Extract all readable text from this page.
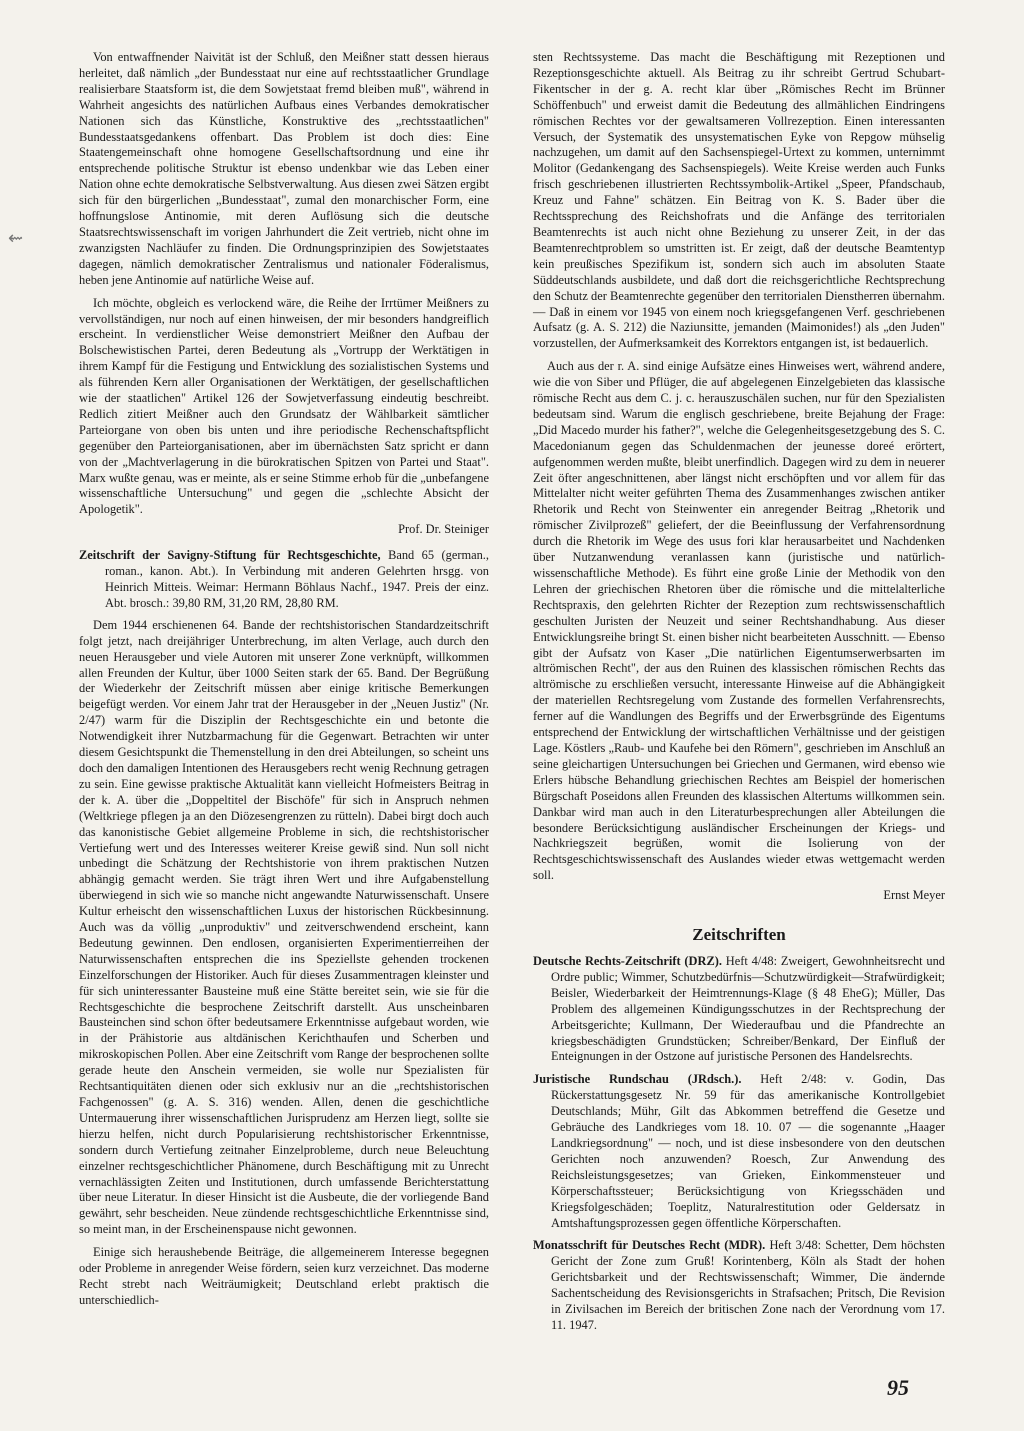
⇜

Von entwaffnender Naivität ist der Schluß, den Meißner statt dessen hieraus herleitet, daß nämlich „der Bundesstaat nur eine auf rechtsstaatlicher Grundlage realisierbare Staatsform ist, die dem Sowjetstaat fremd bleiben muß", während in Wahrheit angesichts des natürlichen Aufbaus eines Verbandes demokratischer Nationen sich das Künstliche, Konstruktive des „rechtsstaatlichen" Bundesstaatsgedankens offenbart. Das Problem ist doch dies: Eine Staatengemeinschaft ohne homogene Gesellschaftsordnung und eine ihr entsprechende politische Struktur ist ebenso undenkbar wie das Leben einer Nation ohne echte demokratische Selbstverwaltung. Aus diesen zwei Sätzen ergibt sich für den bürgerlichen „Bundesstaat", zumal den monarchischer Form, eine hoffnungslose Antinomie, mit deren Auflösung sich die deutsche Staatsrechtswissenschaft im vorigen Jahrhundert die Zeit vertrieb, nicht ohne im zwanzigsten Nachläufer zu finden. Die Ordnungsprinzipien des Sowjetstaates dagegen, nämlich demokratischer Zentralismus und nationaler Föderalismus, heben jene Antinomie auf natürliche Weise auf.

Ich möchte, obgleich es verlockend wäre, die Reihe der Irrtümer Meißners zu vervollständigen, nur noch auf einen hinweisen, der mir besonders handgreiflich erscheint. In verdienstlicher Weise demonstriert Meißner den Aufbau der Bolschewistischen Partei, deren Bedeutung als „Vortrupp der Werktätigen in ihrem Kampf für die Festigung und Entwicklung des sozialistischen Systems und als führenden Kern aller Organisationen der Werktätigen, der gesellschaftlichen wie der staatlichen" Artikel 126 der Sowjetverfassung eindeutig beschreibt. Redlich zitiert Meißner auch den Grundsatz der Wählbarkeit sämtlicher Parteiorgane von oben bis unten und ihre periodische Rechenschaftspflicht gegenüber den Parteiorganisationen, aber im übernächsten Satz spricht er dann von der „Machtverlagerung in die bürokratischen Spitzen von Partei und Staat". Marx wußte genau, was er meinte, als er seine Stimme erhob für die „unbefangene wissenschaftliche Untersuchung" und gegen die „schlechte Absicht der Apologetik".

Prof. Dr. Steiniger
Zeitschrift der Savigny-Stiftung für Rechtsgeschichte, Band 65 (german., roman., kanon. Abt.). In Verbindung mit anderen Gelehrten hrsgg. von Heinrich Mitteis. Weimar: Hermann Böhlaus Nachf., 1947. Preis der einz. Abt. brosch.: 39,80 RM, 31,20 RM, 28,80 RM.

Dem 1944 erschienenen 64. Bande der rechtshistorischen Standardzeitschrift folgt jetzt, nach dreijähriger Unterbrechung, im alten Verlage, auch durch den neuen Herausgeber und viele Autoren mit unserer Zone verknüpft, willkommen allen Freunden der Kultur, über 1000 Seiten stark der 65. Band. Der Begrüßung der Wiederkehr der Zeitschrift müssen aber einige kritische Bemerkungen beigefügt werden. Vor einem Jahr trat der Herausgeber in der „Neuen Justiz" (Nr. 2/47) warm für die Disziplin der Rechtsgeschichte ein und betonte die Notwendigkeit ihrer Nutzbarmachung für die Gegenwart. Betrachten wir unter diesem Gesichtspunkt die Themenstellung in den drei Abteilungen, so scheint uns doch den damaligen Intentionen des Herausgebers recht wenig Rechnung getragen zu sein. Eine gewisse praktische Aktualität kann vielleicht Hofmeisters Beitrag in der k. A. über die „Doppeltitel der Bischöfe" für sich in Anspruch nehmen (Weltkriege pflegen ja an den Diözesengrenzen zu rütteln). Dabei birgt doch auch das kanonistische Gebiet allgemeine Probleme in sich, die rechtshistorischer Vertiefung wert und des Interesses weiterer Kreise gewiß sind. Nun soll nicht unbedingt die Schätzung der Rechtshistorie von ihrem praktischen Nutzen abhängig gemacht werden. Sie trägt ihren Wert und ihre Aufgabenstellung überwiegend in sich wie so manche nicht angewandte Naturwissenschaft. Unsere Kultur erheischt den wissenschaftlichen Luxus der historischen Rückbesinnung. Auch was da völlig „unproduktiv" und zeitverschwendend erscheint, kann Bedeutung gewinnen. Den endlosen, organisierten Experimentierreihen der Naturwissenschaften entsprechen die ins Speziellste gehenden trockenen Einzelforschungen der Historiker. Auch für dieses Zusammentragen kleinster und für sich uninteressanter Bausteine muß eine Stätte bereitet sein, wie sie für die Rechtsgeschichte die besprochene Zeitschrift darstellt. Aus unscheinbaren Bausteinchen sind schon öfter bedeutsamere Erkenntnisse aufgebaut worden, wie in der Prähistorie aus altdänischen Kerichthaufen und Scherben und mikroskopischen Pollen. Aber eine Zeitschrift vom Range der besprochenen sollte gerade heute den Anschein vermeiden, sie wolle nur Spezialisten für Rechtsantiquitäten dienen oder sich exklusiv nur an die „rechtshistorischen Fachgenossen" (g. A. S. 316) wenden. Allen, denen die geschichtliche Untermauerung ihrer wissenschaftlichen Jurisprudenz am Herzen liegt, sollte sie hierzu helfen, nicht durch Popularisierung rechtshistorischer Erkenntnisse, sondern durch Vertiefung zeitnaher Einzelprobleme, durch neue Beleuchtung einzelner rechtsgeschichtlicher Phänomene, durch Beschäftigung mit zu Unrecht vernachlässigten Zeiten und Institutionen, durch umfassende Berichterstattung über neue Literatur. In dieser Hinsicht ist die Ausbeute, die der vorliegende Band gewährt, sehr bescheiden. Neue zündende rechtsgeschichtliche Erkenntnisse sind, so meint man, in der Erscheinenspause nicht gewonnen.

Einige sich heraushebende Beiträge, die allgemeinerem Interesse begegnen oder Probleme in anregender Weise fördern, seien kurz verzeichnet. Das moderne Recht strebt nach Weiträumigkeit; Deutschland erlebt praktisch die unterschiedlich-

sten Rechtssysteme. Das macht die Beschäftigung mit Rezeptionen und Rezeptionsgeschichte aktuell. Als Beitrag zu ihr schreibt Gertrud Schubart-Fikentscher in der g. A. recht klar über „Römisches Recht im Brünner Schöffenbuch" und erweist damit die Bedeutung des allmählichen Eindringens römischen Rechtes vor der gewaltsameren Vollrezeption. Einen interessanten Versuch, der Systematik des unsystematischen Eyke von Repgow mühselig nachzugehen, um damit auf den Sachsenspiegel-Urtext zu kommen, unternimmt Molitor (Gedankengang des Sachsenspiegels). Weite Kreise werden auch Funks frisch geschriebenen illustrierten Rechtssymbolik-Artikel „Speer, Pfandschaub, Kreuz und Fahne" schätzen. Ein Beitrag von K. S. Bader über die Rechtssprechung des Reichshofrats und die Anfänge des territorialen Beamtenrechts ist auch nicht ohne Beziehung zu unserer Zeit, in der das Beamtenrechtproblem so umstritten ist. Er zeigt, daß der deutsche Beamtentyp kein preußisches Spezifikum ist, sondern sich auch im absoluten Staate Süddeutschlands ausbildete, und daß dort die reichsgerichtliche Rechtsprechung den Schutz der Beamtenrechte gegenüber den territorialen Dienstherren übernahm. — Daß in einem vor 1945 von einem noch kriegsgefangenen Verf. geschriebenen Aufsatz (g. A. S. 212) die Naziunsitte, jemanden (Maimonides!) als „den Juden" vorzustellen, der Aufmerksamkeit des Korrektors entgangen ist, ist bedauerlich.

Auch aus der r. A. sind einige Aufsätze eines Hinweises wert, während andere, wie die von Siber und Pflüger, die auf abgelegenen Einzelgebieten das klassische römische Recht aus dem C. j. c. herauszuschälen suchen, nur für den Spezialisten bedeutsam sind. Warum die englisch geschriebene, breite Bejahung der Frage: „Did Macedo murder his father?", welche die Gelegenheitsgesetzgebung des S. C. Macedonianum gegen das Schuldenmachen der jeunesse doreé erörtert, aufgenommen werden mußte, bleibt unerfindlich. Dagegen wird zu dem in neuerer Zeit öfter angeschnittenen, aber längst nicht erschöpften und vor allem für das Mittelalter nicht weiter geführten Thema des Zusammenhanges zwischen antiker Rhetorik und Recht von Steinwenter ein anregender Beitrag „Rhetorik und römischer Zivilprozeß" geliefert, der die Beeinflussung der Verfahrensordnung durch die Rhetorik im Wege des usus fori klar herausarbeitet und Nachdenken über Nutzanwendung veranlassen kann (juristische und natürlich-wissenschaftliche Methode). Es führt eine große Linie der Methodik von den Lehren der griechischen Rhetoren über die römische und die mittelalterliche Rechtspraxis, den gelehrten Richter der Rezeption zum rechtswissenschaftlich geschulten Juristen der Neuzeit und seiner Rechtshandhabung. Aus dieser Entwicklungsreihe bringt St. einen bisher nicht bearbeiteten Ausschnitt. — Ebenso gibt der Aufsatz von Kaser „Die natürlichen Eigentumserwerbsarten im altrömischen Recht", der aus den Ruinen des klassischen römischen Rechts das altrömische zu erschließen versucht, interessante Hinweise auf die Abhängigkeit der materiellen Rechtsregelung vom Zustande des formellen Verfahrensrechts, ferner auf die Wandlungen des Begriffs und der Erwerbsgründe des Eigentums entsprechend der Entwicklung der wirtschaftlichen Verhältnisse und der geistigen Lage. Köstlers „Raub- und Kaufehe bei den Römern", geschrieben im Anschluß an seine gleichartigen Untersuchungen bei Griechen und Germanen, wird ebenso wie Erlers hübsche Behandlung griechischen Rechtes am Beispiel der homerischen Bürgschaft Poseidons allen Freunden des klassischen Altertums willkommen sein. Dankbar wird man auch in den Literaturbesprechungen aller Abteilungen die besondere Berücksichtigung ausländischer Erscheinungen der Kriegs- und Nachkriegszeit begrüßen, womit die Isolierung von der Rechtsgeschichtswissenschaft des Auslandes wieder etwas wettgemacht werden soll.

Ernst Meyer
Zeitschriften

Deutsche Rechts-Zeitschrift (DRZ). Heft 4/48: Zweigert, Gewohnheitsrecht und Ordre public; Wimmer, Schutzbedürfnis—Schutzwürdigkeit—Strafwürdigkeit; Beisler, Wiederbarkeit der Heimtrennungs-Klage (§ 48 EheG); Müller, Das Problem des allgemeinen Kündigungsschutzes in der Rechtsprechung der Arbeitsgerichte; Kullmann, Der Wiederaufbau und die Pfandrechte an kriegsbeschädigten Grundstücken; Schreiber/Benkard, Der Einfluß der Enteignungen in der Ostzone auf juristische Personen des Handelsrechts.

Juristische Rundschau (JRdsch.). Heft 2/48: v. Godin, Das Rückerstattungsgesetz Nr. 59 für das amerikanische Kontrollgebiet Deutschlands; Mühr, Gilt das Abkommen betreffend die Gesetze und Gebräuche des Landkrieges vom 18. 10. 07 — die sogenannte „Haager Landkriegsordnung" — noch, und ist diese insbesondere von den deutschen Gerichten noch anzuwenden? Roesch, Zur Anwendung des Reichsleistungsgesetzes; van Grieken, Einkommensteuer und Körperschaftssteuer; Berücksichtigung von Kriegsschäden und Kriegsfolgeschäden; Toeplitz, Naturalrestitution oder Geldersatz in Amtshaftungsprozessen gegen öffentliche Körperschaften.

Monatsschrift für Deutsches Recht (MDR). Heft 3/48: Schetter, Dem höchsten Gericht der Zone zum Gruß! Korintenberg, Köln als Stadt der hohen Gerichtsbarkeit und der Rechtswissenschaft; Wimmer, Die ändernde Sachentscheidung des Revisionsgerichts in Strafsachen; Pritsch, Die Revision in Zivilsachen im Bereich der britischen Zone nach der Verordnung vom 17. 11. 1947.

95
